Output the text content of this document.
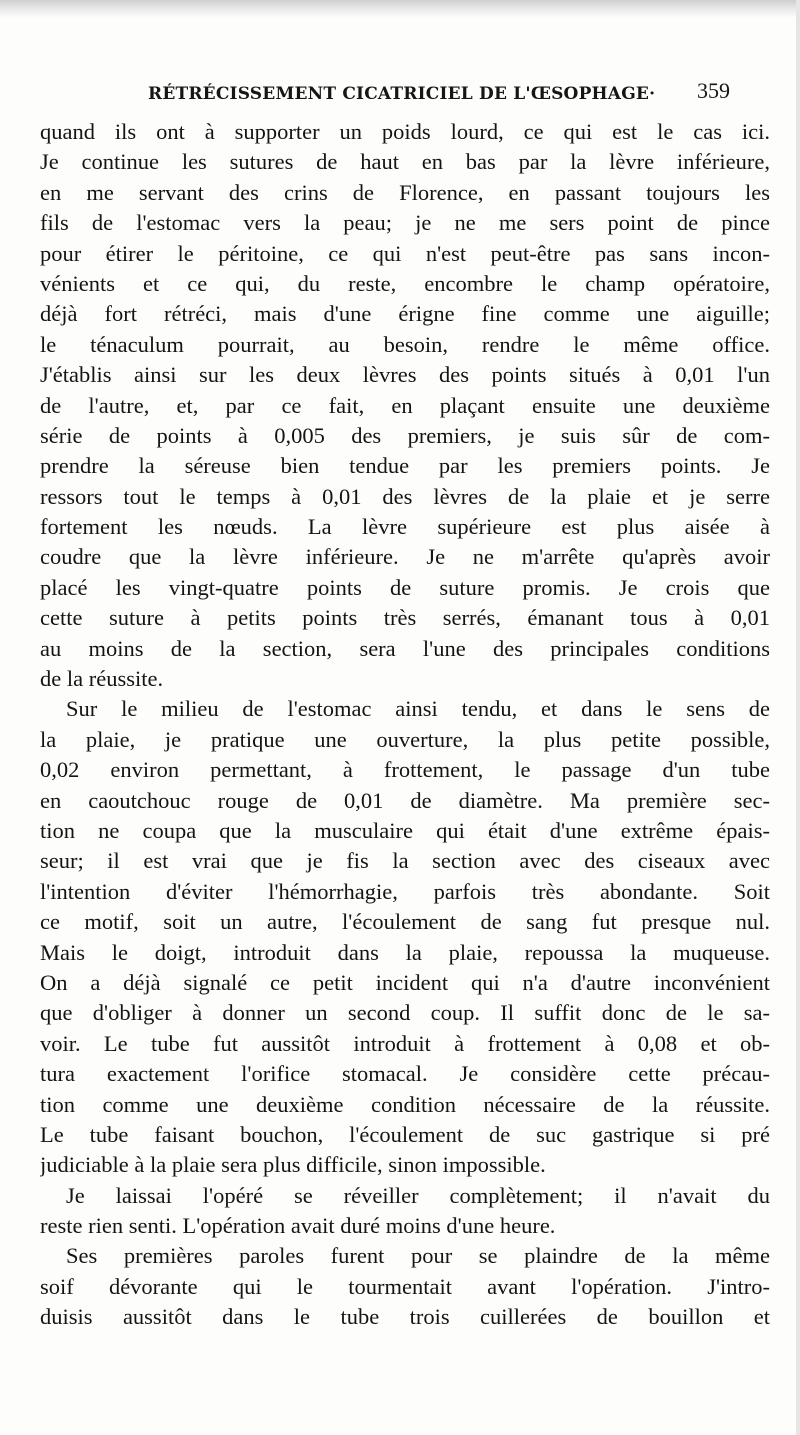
RÉTRÉCISSEMENT CICATRICIEL DE L'ŒSOPHAGE· 359
quand ils ont à supporter un poids lourd, ce qui est le cas ici.
Je continue les sutures de haut en bas par la lèvre inférieure,
en me servant des crins de Florence, en passant toujours les
fils de l'estomac vers la peau; je ne me sers point de pince
pour étirer le péritoine, ce qui n'est peut-être pas sans incon-
vénients et ce qui, du reste, encombre le champ opératoire,
déjà fort rétréci, mais d'une érigne fine comme une aiguille;
le ténaculum pourrait, au besoin, rendre le même office.
J'établis ainsi sur les deux lèvres des points situés à 0,01 l'un
de l'autre, et, par ce fait, en plaçant ensuite une deuxième
série de points à 0,005 des premiers, je suis sûr de com-
prendre la séreuse bien tendue par les premiers points. Je
ressors tout le temps à 0,01 des lèvres de la plaie et je serre
fortement les nœuds. La lèvre supérieure est plus aisée à
coudre que la lèvre inférieure. Je ne m'arrête qu'après avoir
placé les vingt-quatre points de suture promis. Je crois que
cette suture à petits points très serrés, émanant tous à 0,01
au moins de la section, sera l'une des principales conditions
de la réussite.
Sur le milieu de l'estomac ainsi tendu, et dans le sens de
la plaie, je pratique une ouverture, la plus petite possible,
0,02 environ permettant, à frottement, le passage d'un tube
en caoutchouc rouge de 0,01 de diamètre. Ma première sec-
tion ne coupa que la musculaire qui était d'une extrême épais-
seur; il est vrai que je fis la section avec des ciseaux avec
l'intention d'éviter l'hémorrhagie, parfois très abondante. Soit
ce motif, soit un autre, l'écoulement de sang fut presque nul.
Mais le doigt, introduit dans la plaie, repoussa la muqueuse.
On a déjà signalé ce petit incident qui n'a d'autre inconvénient
que d'obliger à donner un second coup. Il suffit donc de le sa-
voir. Le tube fut aussitôt introduit à frottement à 0,08 et ob-
tura exactement l'orifice stomacal. Je considère cette précau-
tion comme une deuxième condition nécessaire de la réussite.
Le tube faisant bouchon, l'écoulement de suc gastrique si pré
judiciable à la plaie sera plus difficile, sinon impossible.
Je laissai l'opéré se réveiller complètement; il n'avait du
reste rien senti. L'opération avait duré moins d'une heure.
Ses premières paroles furent pour se plaindre de la même
soif dévorante qui le tourmentait avant l'opération. J'intro-
duisis aussitôt dans le tube trois cuillerées de bouillon et
